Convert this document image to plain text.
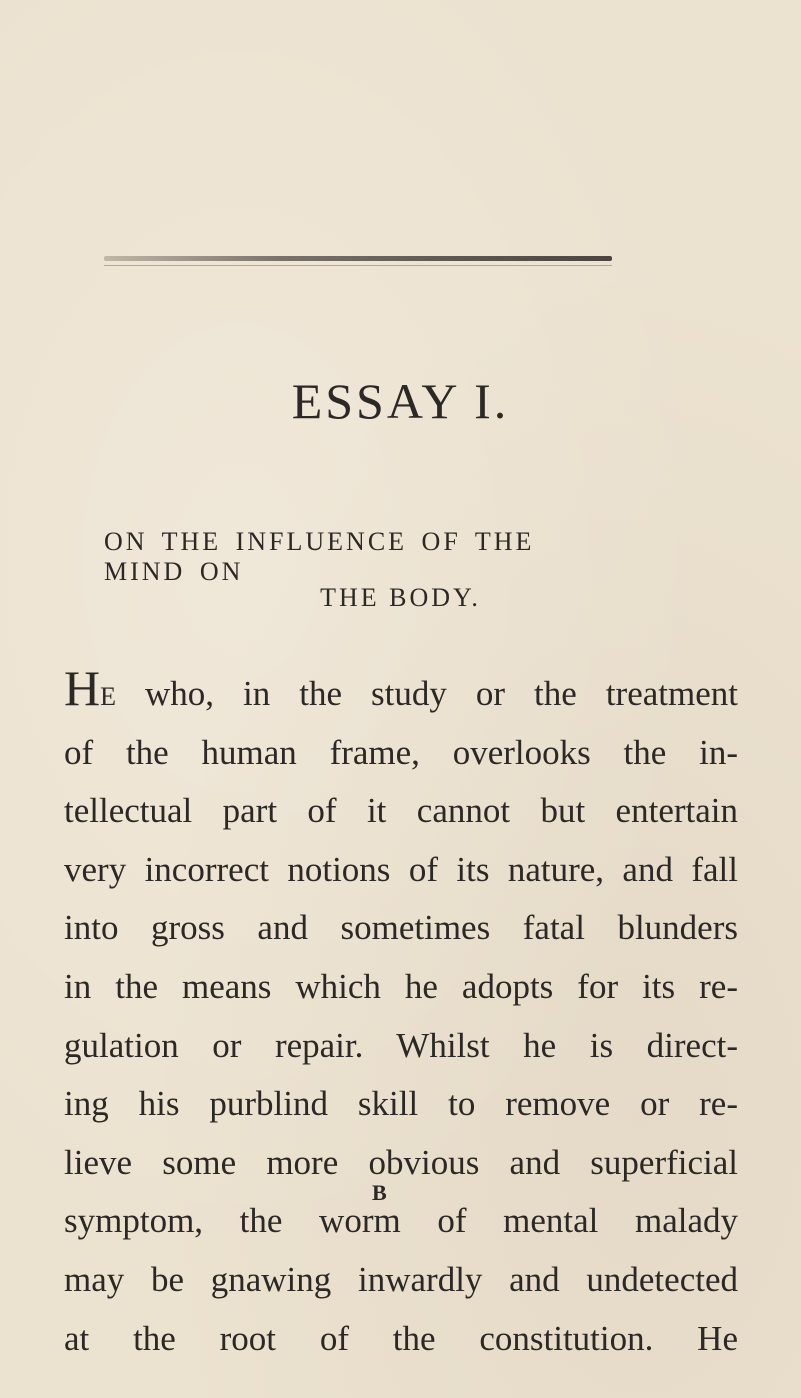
ESSAY I.
ON THE INFLUENCE OF THE MIND ON
THE BODY.
HE who, in the study or the treatment
of the human frame, overlooks the in-
tellectual part of it cannot but entertain
very incorrect notions of its nature, and fall
into gross and sometimes fatal blunders
in the means which he adopts for its re-
gulation or repair. Whilst he is direct-
ing his purblind skill to remove or re-
lieve some more obvious and superficial
symptom, the worm of mental malady
may be gnawing inwardly and undetected
at the root of the constitution. He
B
